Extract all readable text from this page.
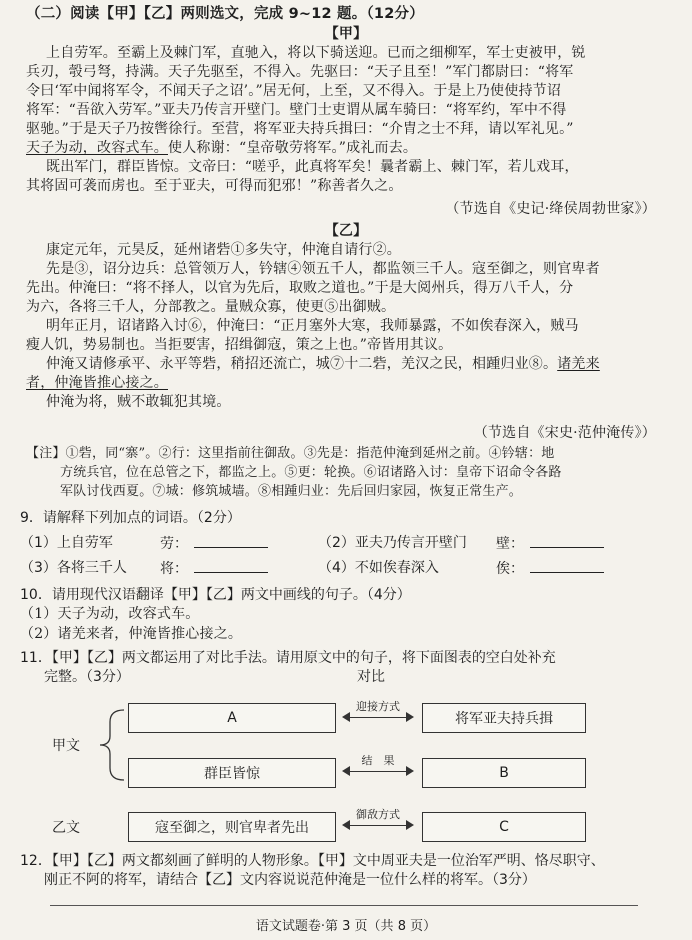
（二）阅读【甲】【乙】两则选文，完成 9~12 题。（12分）
【甲】
上自劳军。至霸上及棘门军，直驰入，将以下骑送迎。已而之细柳军，军士吏被甲，锐
兵刃，彀弓弩，持满。天子先驱至，不得入。先驱曰：“天子且至！”军门都尉曰：“将军
令曰‘军中闻将军令，不闻天子之诏’。”居无何，上至，又不得入。于是上乃使使持节诏
将军：“吾欲入劳军。”亚夫乃传言开壁门。壁门士吏谓从属车骑曰：“将军约，军中不得
驱驰。”于是天子乃按辔徐行。至营，将军亚夫持兵揖曰：“介胄之士不拜，请以军礼见。”
天子为动，改容式车。使人称谢：“皇帝敬劳将军。”成礼而去。
既出军门，群臣皆惊。文帝曰：“嗟乎，此真将军矣！曩者霸上、棘门军，若儿戏耳，
其将固可袭而虏也。至于亚夫，可得而犯邪！”称善者久之。
（节选自《史记·绛侯周勃世家》）
【乙】
康定元年，元昊反，延州诸砦①多失守，仲淹自请行②。
先是③，诏分边兵：总管领万人，钤辖④领五千人，都监领三千人。寇至御之，则官卑者
先出。仲淹曰：“将不择人，以官为先后，取败之道也。”于是大阅州兵，得万八千人，分
为六，各将三千人，分部教之。量贼众寡，使更⑤出御贼。
明年正月，诏诸路入讨⑥，仲淹曰：“正月塞外大寒，我师暴露，不如俟春深入，贼马
瘦人饥，势易制也。当拒要害，招缉御寇，策之上也。”帝皆用其议。
仲淹又请修承平、永平等砦，稍招还流亡，城⑦十二砦，羌汉之民，相踵归业⑧。诸羌来
者，仲淹皆推心接之。
仲淹为将，贼不敢辄犯其境。
（节选自《宋史·范仲淹传》）
【注】①砦，同“寨”。②行：这里指前往御敌。③先是：指范仲淹到延州之前。④钤辖：地
方统兵官，位在总管之下，都监之上。⑤更：轮换。⑥诏诸路入讨：皇帝下诏命令各路
军队讨伐西夏。⑦城：修筑城墙。⑧相踵归业：先后回归家园，恢复正常生产。
9．请解释下列加点的词语。（2分）
（1）上自劳军	劳：	（2）亚夫乃传言开壁门 壁：
（3）各将三千人 将：	（4）不如俟春深入	俟：
10．请用现代汉语翻译【甲】【乙】两文中画线的句子。（4分）
（1）天子为动，改容式车。
（2）诸羌来者，仲淹皆推心接之。
11．【甲】【乙】两文都运用了对比手法。请用原文中的句子，将下面图表的空白处补充
完整。（3分）	对比
甲文
A
迎接方式
将军亚夫持兵揖
群臣皆惊
结　果
B
乙文	寇至御之，则官卑者先出
御敌方式
C
12．【甲】【乙】两文都刻画了鲜明的人物形象。【甲】文中周亚夫是一位治军严明、恪尽职守、
刚正不阿的将军，请结合【乙】文内容说说范仲淹是一位什么样的将军。（3分）
语文试题卷·第 3 页（共 8 页）
